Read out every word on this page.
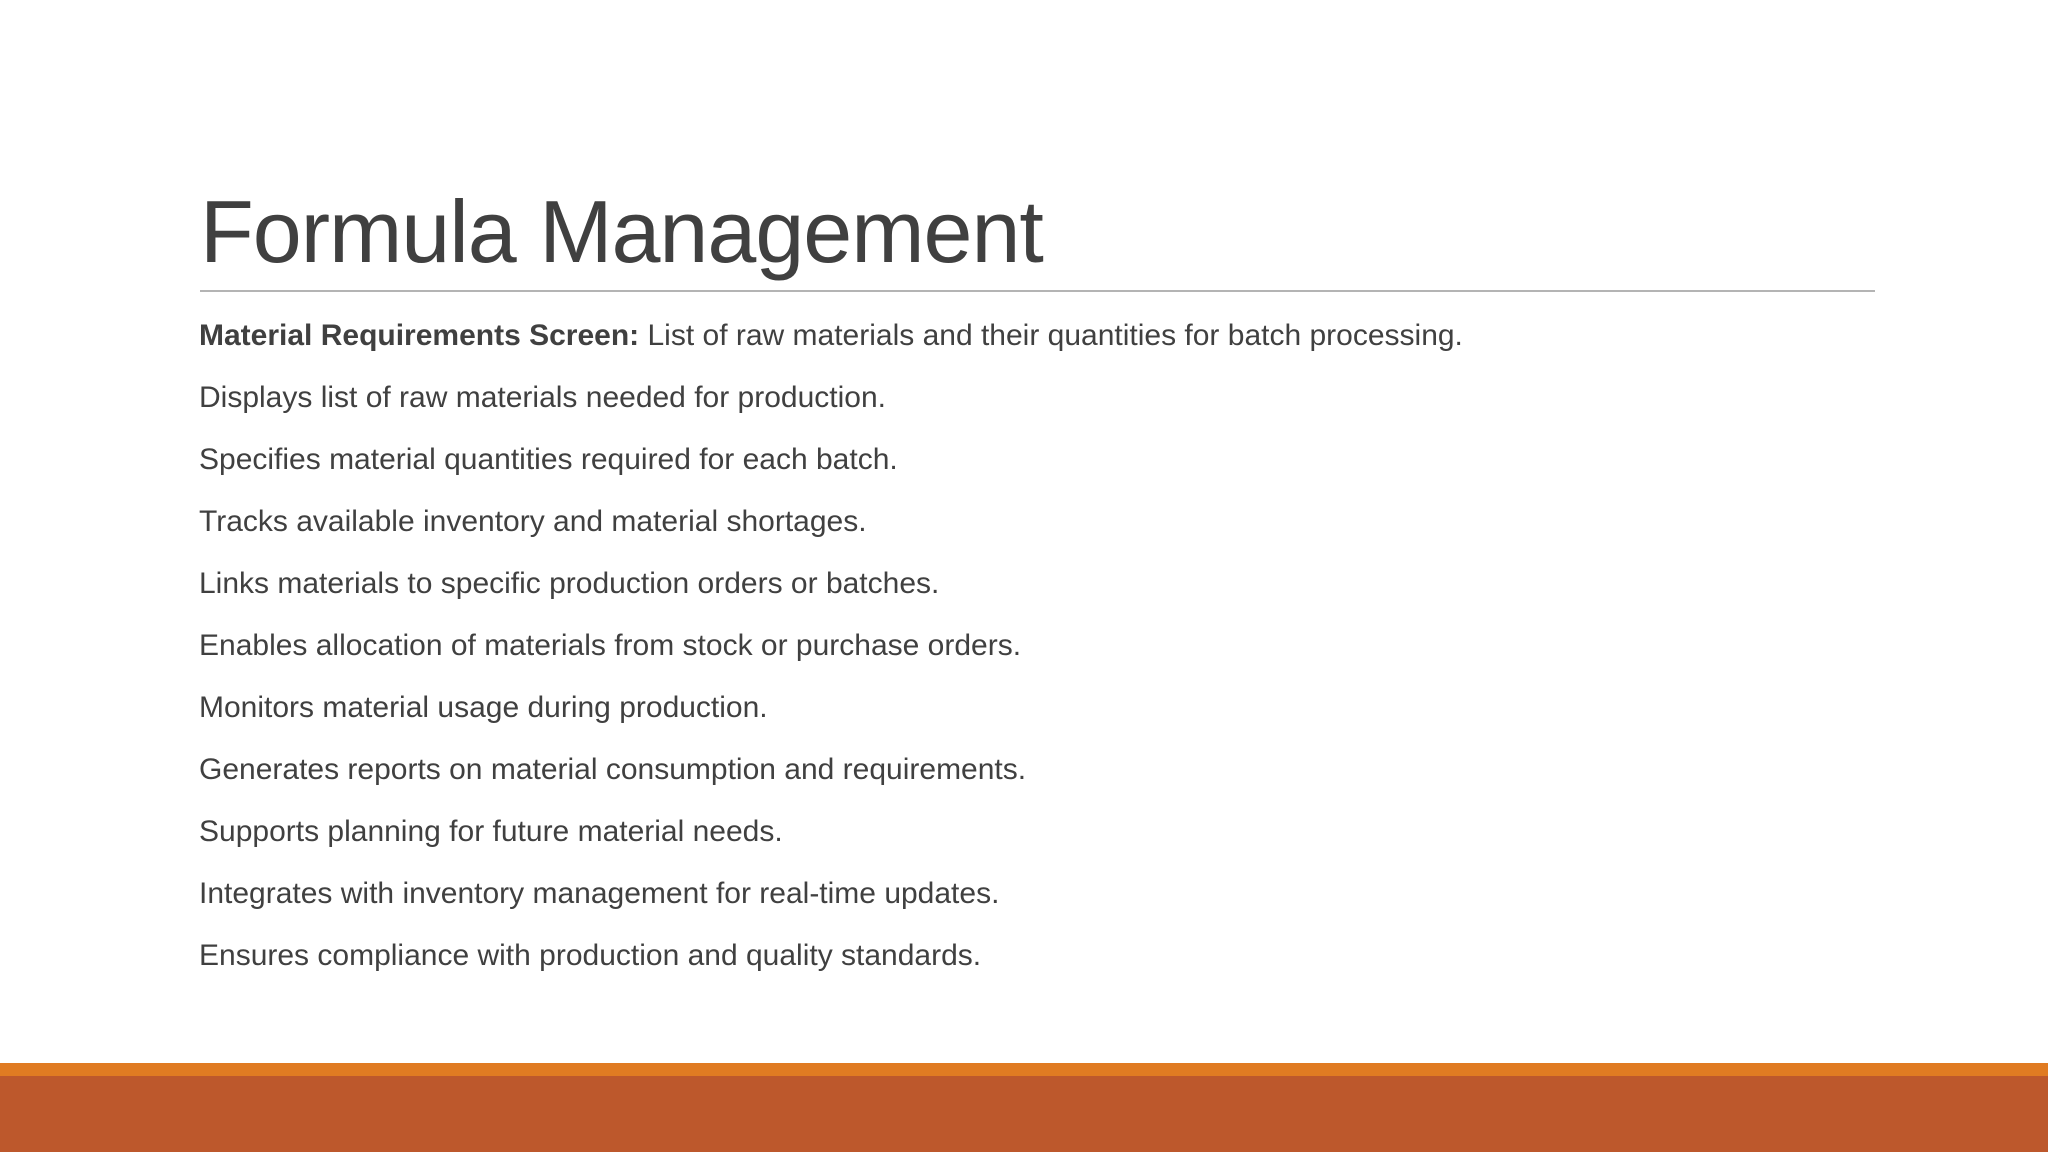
Formula Management
Material Requirements Screen: List of raw materials and their quantities for batch processing.
Displays list of raw materials needed for production.
Specifies material quantities required for each batch.
Tracks available inventory and material shortages.
Links materials to specific production orders or batches.
Enables allocation of materials from stock or purchase orders.
Monitors material usage during production.
Generates reports on material consumption and requirements.
Supports planning for future material needs.
Integrates with inventory management for real-time updates.
Ensures compliance with production and quality standards.
